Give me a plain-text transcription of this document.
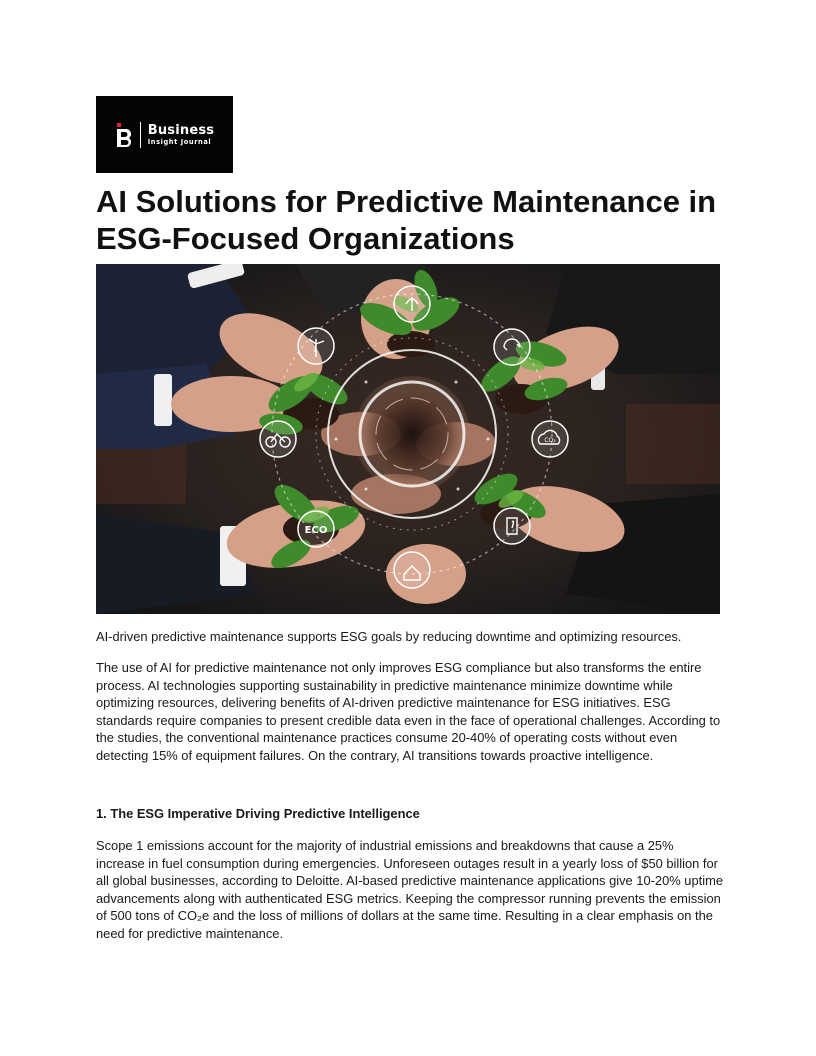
Business
Insight Journal
AI Solutions for Predictive Maintenance in ESG-Focused Organizations
ECO
CO₂

AI-driven predictive maintenance supports ESG goals by reducing downtime and optimizing resources.

The use of AI for predictive maintenance not only improves ESG compliance but also transforms the entire process. AI technologies supporting sustainability in predictive maintenance minimize downtime while optimizing resources, delivering benefits of AI-driven predictive maintenance for ESG initiatives. ESG standards require companies to present credible data even in the face of operational challenges. According to the studies, the conventional maintenance practices consume 20-40% of operating costs without even detecting 15% of equipment failures. On the contrary, AI transitions towards proactive intelligence.

1. The ESG Imperative Driving Predictive Intelligence

Scope 1 emissions account for the majority of industrial emissions and breakdowns that cause a 25% increase in fuel consumption during emergencies. Unforeseen outages result in a yearly loss of $50 billion for all global businesses, according to Deloitte. AI-based predictive maintenance applications give 10-20% uptime advancements along with authenticated ESG metrics. Keeping the compressor running prevents the emission of 500 tons of CO₂e and the loss of millions of dollars at the same time. Resulting in a clear emphasis on the need for predictive maintenance.
